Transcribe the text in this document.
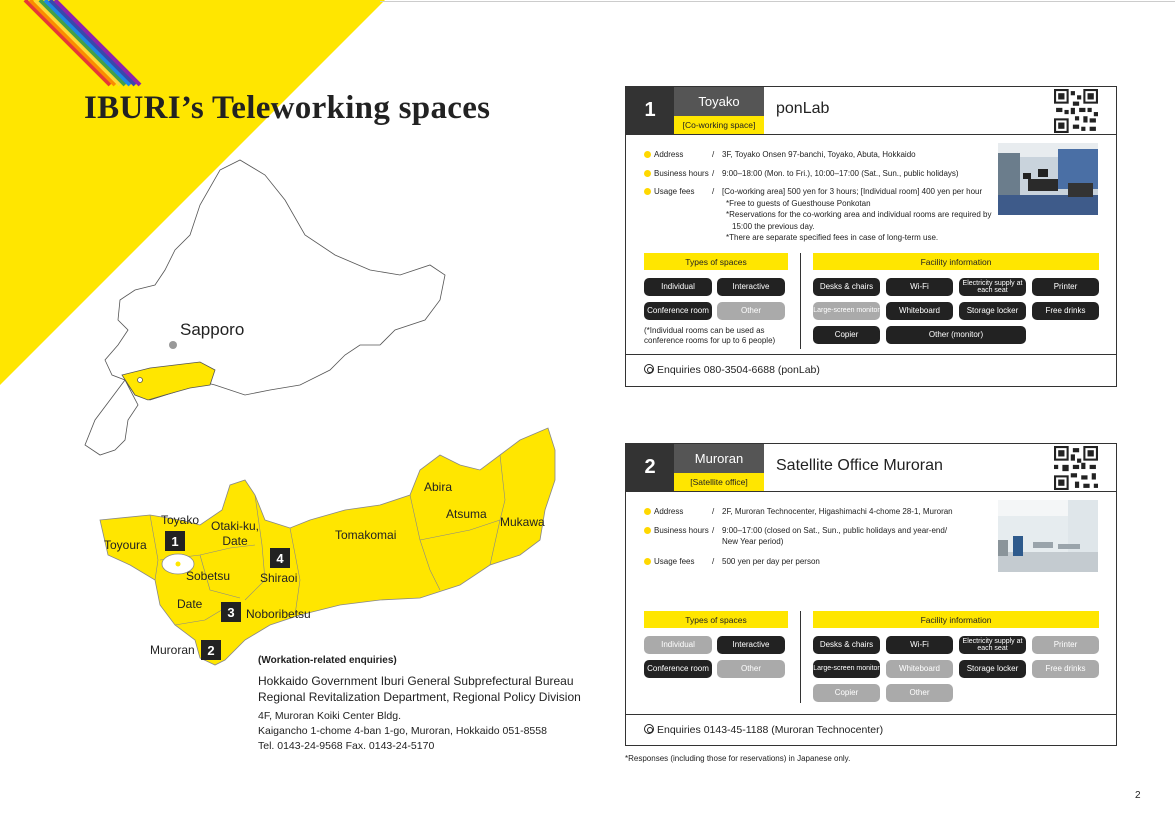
IBURI’s Teleworking spaces
Sapporo
Toyako
Toyoura
Otaki-ku,
Date
Sobetsu
Date
Shiraoi
Noboribetsu
Muroran
Tomakomai
Abira
Atsuma
Mukawa
1
2
3
4
(Workation-related enquiries)
Hokkaido Government Iburi General Subprefectural Bureau
Regional Revitalization Department, Regional Policy Division
4F, Muroran Koiki Center Bldg.
Kaigancho 1-chome 4-ban 1-go, Muroran, Hokkaido 051-8558
Tel. 0143-24-9568 Fax. 0143-24-5170
1	Toyako
[Co-working space]
ponLab
Address	/ 3F, Toyako Onsen 97-banchi, Toyako, Abuta, Hokkaido
Business hours / 9:00–18:00 (Mon. to Fri.), 10:00–17:00 (Sat., Sun., public holidays)
Usage fees	/ [Co-working area] 500 yen for 3 hours; [Individual room] 400 yen per hour
*Free to guests of Guesthouse Ponkotan
*Reservations for the co-working area and individual rooms are required by
15:00 the previous day.
*There are separate specified fees in case of long-term use.
Types of spaces	Facility information
Individual	Interactive
Conference room	Other
(*Individual rooms can be used as conference rooms for up to 6 people)
Desks & chairs	Wi-Fi	Electricity supply at each seat	Printer
Large-screen monitor	Whiteboard	Storage locker	Free drinks
Copier	Other (monitor)
Enquiries 080-3504-6688 (ponLab)
2	Muroran
[Satellite office]
Satellite Office Muroran
Address	/ 2F, Muroran Technocenter, Higashimachi 4-chome 28-1, Muroran
Business hours / 9:00–17:00 (closed on Sat., Sun., public holidays and year-end/
New Year period)
Usage fees	/ 500 yen per day per person
Types of spaces	Facility information
Individual	Interactive
Conference room	Other
Desks & chairs	Wi-Fi	Electricity supply at each seat	Printer
Large-screen monitor	Whiteboard	Storage locker	Free drinks
Copier	Other
Enquiries 0143-45-1188 (Muroran Technocenter)
*Responses (including those for reservations) in Japanese only.
2
